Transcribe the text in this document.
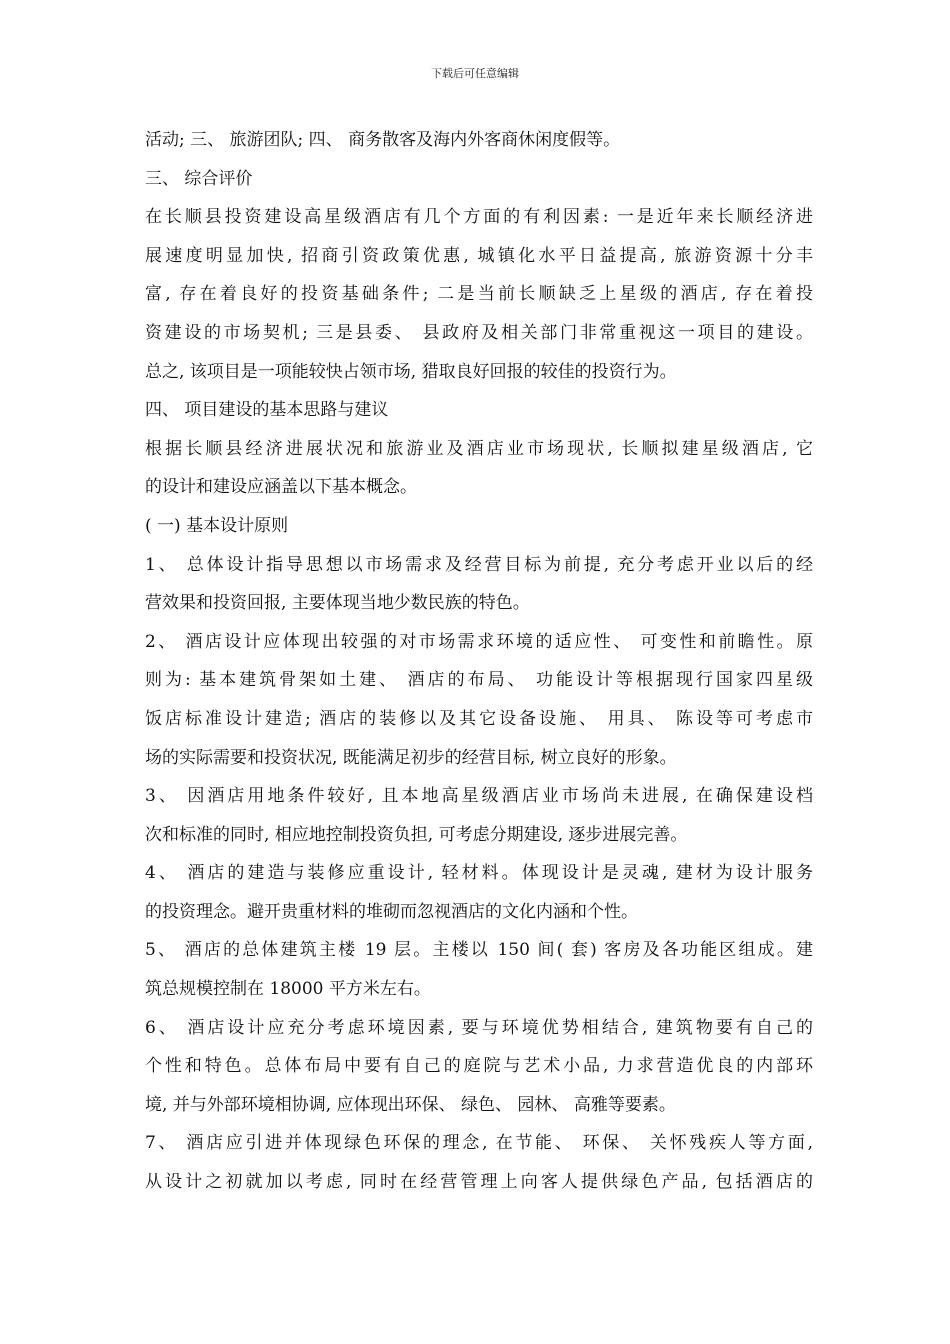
下载后可任意编辑
活动; 三、 旅游团队; 四、 商务散客及海内外客商休闲度假等。
三、 综合评价
在长顺县投资建设高星级酒店有几个方面的有利因素: 一是近年来长顺经济进
展速度明显加快, 招商引资政策优惠, 城镇化水平日益提高, 旅游资源十分丰
富, 存在着良好的投资基础条件; 二是当前长顺缺乏上星级的酒店, 存在着投
资建设的市场契机; 三是县委、 县政府及相关部门非常重视这一项目的建设。
总之, 该项目是一项能较快占领市场, 猎取良好回报的较佳的投资行为。
四、 项目建设的基本思路与建议
根据长顺县经济进展状况和旅游业及酒店业市场现状, 长顺拟建星级酒店, 它
的设计和建设应涵盖以下基本概念。
( 一) 基本设计原则
1、 总体设计指导思想以市场需求及经营目标为前提, 充分考虑开业以后的经
营效果和投资回报, 主要体现当地少数民族的特色。
2、 酒店设计应体现出较强的对市场需求环境的适应性、 可变性和前瞻性。原
则为: 基本建筑骨架如土建、 酒店的布局、 功能设计等根据现行国家四星级
饭店标准设计建造; 酒店的装修以及其它设备设施、 用具、 陈设等可考虑市
场的实际需要和投资状况, 既能满足初步的经营目标, 树立良好的形象。
3、 因酒店用地条件较好, 且本地高星级酒店业市场尚未进展, 在确保建设档
次和标准的同时, 相应地控制投资负担, 可考虑分期建设, 逐步进展完善。
4、 酒店的建造与装修应重设计, 轻材料。体现设计是灵魂, 建材为设计服务
的投资理念。避开贵重材料的堆砌而忽视酒店的文化内涵和个性。
5、 酒店的总体建筑主楼 19 层。主楼以 150 间( 套) 客房及各功能区组成。建
筑总规模控制在 18000 平方米左右。
6、 酒店设计应充分考虑环境因素, 要与环境优势相结合, 建筑物要有自己的
个性和特色。总体布局中要有自己的庭院与艺术小品, 力求营造优良的内部环
境, 并与外部环境相协调, 应体现出环保、 绿色、 园林、 高雅等要素。
7、 酒店应引进并体现绿色环保的理念, 在节能、 环保、 关怀残疾人等方面,
从设计之初就加以考虑, 同时在经营管理上向客人提供绿色产品, 包括酒店的
